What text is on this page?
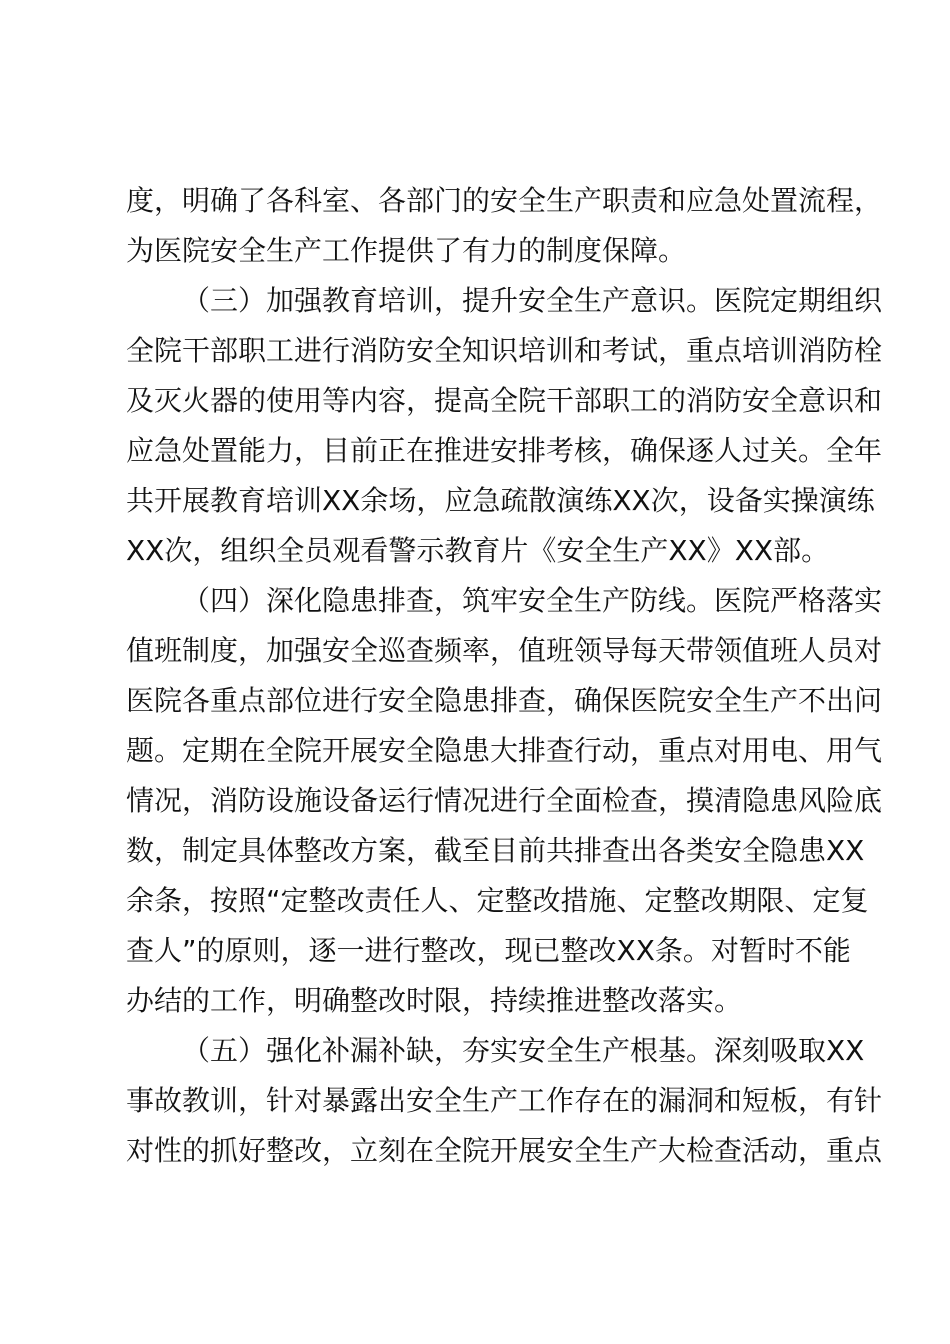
度，明确了各科室、各部门的安全生产职责和应急处置流程，
为医院安全生产工作提供了有力的制度保障。
（三）加强教育培训，提升安全生产意识。医院定期组织
全院干部职工进行消防安全知识培训和考试，重点培训消防栓
及灭火器的使用等内容，提高全院干部职工的消防安全意识和
应急处置能力，目前正在推进安排考核，确保逐人过关。全年
共开展教育培训XX余场，应急疏散演练XX次，设备实操演练
XX次，组织全员观看警示教育片《安全生产XX》XX部。
（四）深化隐患排查，筑牢安全生产防线。医院严格落实
值班制度，加强安全巡查频率，值班领导每天带领值班人员对
医院各重点部位进行安全隐患排查，确保医院安全生产不出问
题。定期在全院开展安全隐患大排查行动，重点对用电、用气
情况，消防设施设备运行情况进行全面检查，摸清隐患风险底
数，制定具体整改方案，截至目前共排查出各类安全隐患XX
余条，按照“定整改责任人、定整改措施、定整改期限、定复
查人”的原则，逐一进行整改，现已整改XX条。对暂时不能
办结的工作，明确整改时限，持续推进整改落实。
（五）强化补漏补缺，夯实安全生产根基。深刻吸取XX
事故教训，针对暴露出安全生产工作存在的漏洞和短板，有针
对性的抓好整改，立刻在全院开展安全生产大检查活动，重点
